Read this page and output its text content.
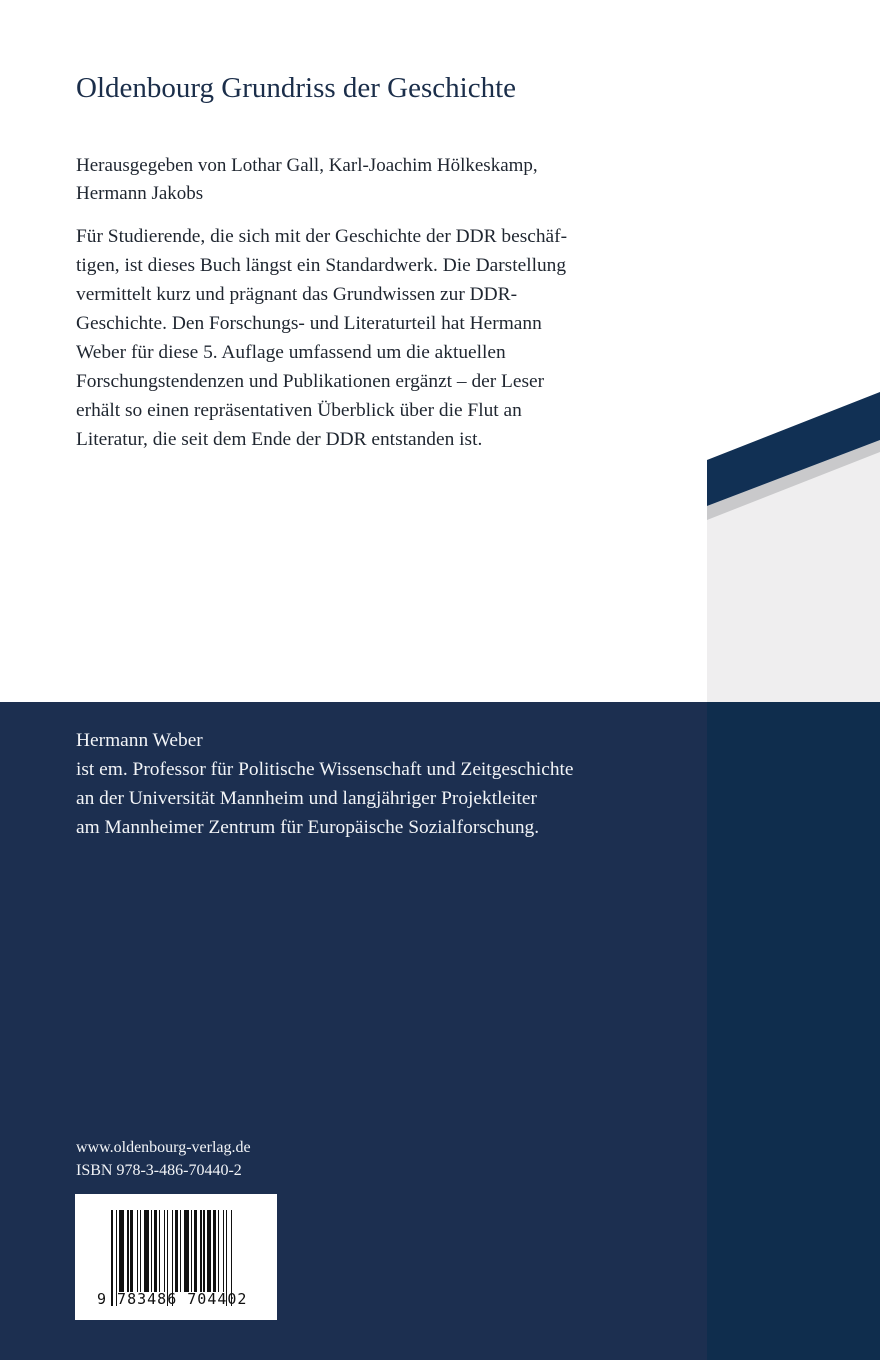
Oldenbourg Grundriss der Geschichte
Herausgegeben von Lothar Gall, Karl-Joachim Hölkeskamp,
Hermann Jakobs
Für Studierende, die sich mit der Geschichte der DDR beschäf-
tigen, ist dieses Buch längst ein Standardwerk. Die Darstellung
vermittelt kurz und prägnant das Grundwissen zur DDR-
Geschichte. Den Forschungs- und Literaturteil hat Hermann
Weber für diese 5. Auflage umfassend um die aktuellen
Forschungstendenzen und Publikationen ergänzt – der Leser
erhält so einen repräsentativen Überblick über die Flut an
Literatur, die seit dem Ende der DDR entstanden ist.
Hermann Weber
ist em. Professor für Politische Wissenschaft und Zeitgeschichte
an der Universität Mannheim und langjähriger Projektleiter
am Mannheimer Zentrum für Europäische Sozialforschung.
www.oldenbourg-verlag.de
ISBN 978-3-486-70440-2
9 783486 704402
